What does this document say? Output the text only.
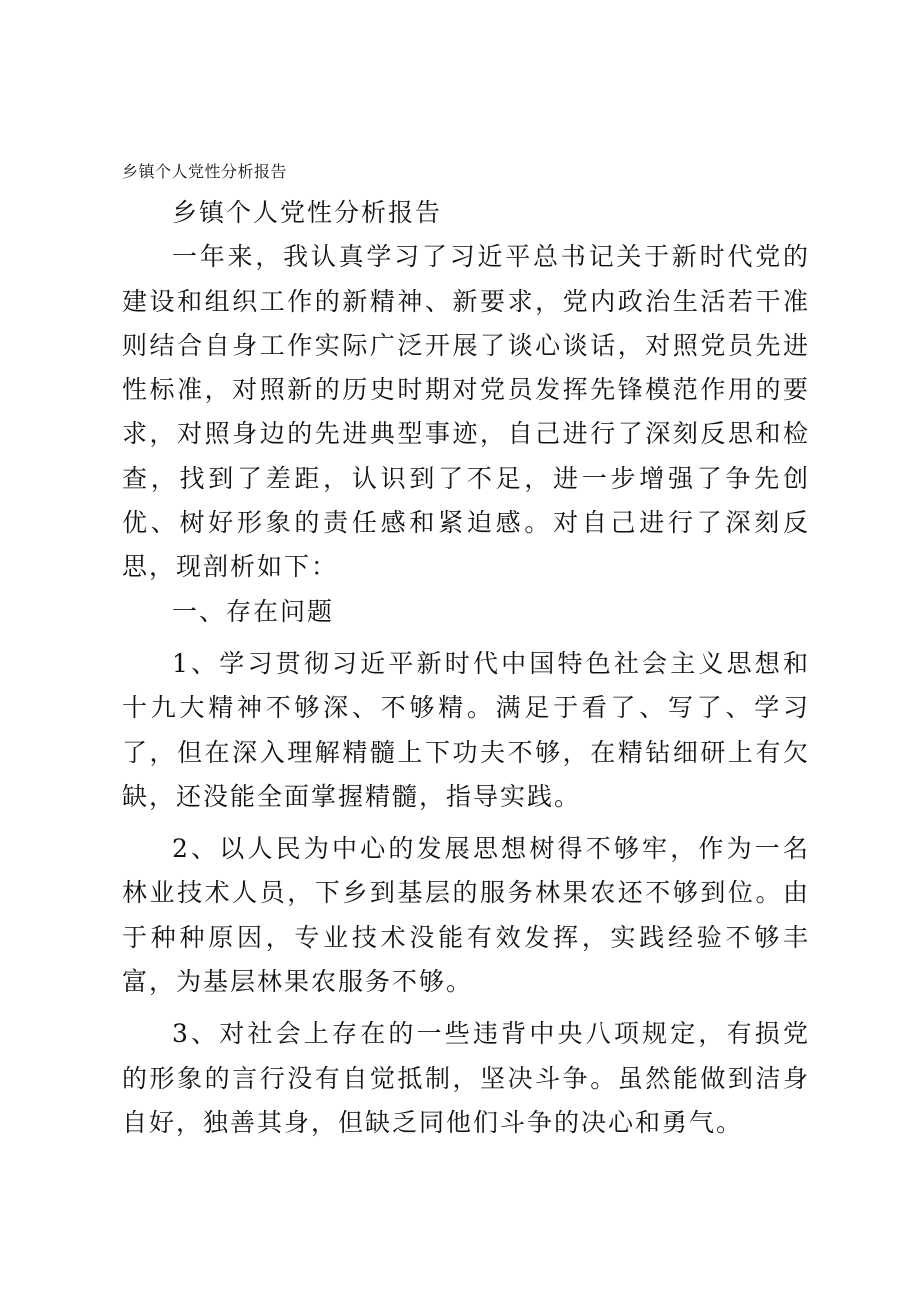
乡镇个人党性分析报告

乡镇个人党性分析报告

一年来，我认真学习了习近平总书记关于新时代党的建设和组织工作的新精神、新要求，党内政治生活若干准则结合自身工作实际广泛开展了谈心谈话，对照党员先进性标准，对照新的历史时期对党员发挥先锋模范作用的要求，对照身边的先进典型事迹，自己进行了深刻反思和检查，找到了差距，认识到了不足，进一步增强了争先创优、树好形象的责任感和紧迫感。对自己进行了深刻反思，现剖析如下：

一、存在问题

1、学习贯彻习近平新时代中国特色社会主义思想和十九大精神不够深、不够精。满足于看了、写了、学习了，但在深入理解精髓上下功夫不够，在精钻细研上有欠缺，还没能全面掌握精髓，指导实践。

2、以人民为中心的发展思想树得不够牢，作为一名林业技术人员，下乡到基层的服务林果农还不够到位。由于种种原因，专业技术没能有效发挥，实践经验不够丰富，为基层林果农服务不够。

3、对社会上存在的一些违背中央八项规定，有损党的形象的言行没有自觉抵制，坚决斗争。虽然能做到洁身自好，独善其身，但缺乏同他们斗争的决心和勇气。
